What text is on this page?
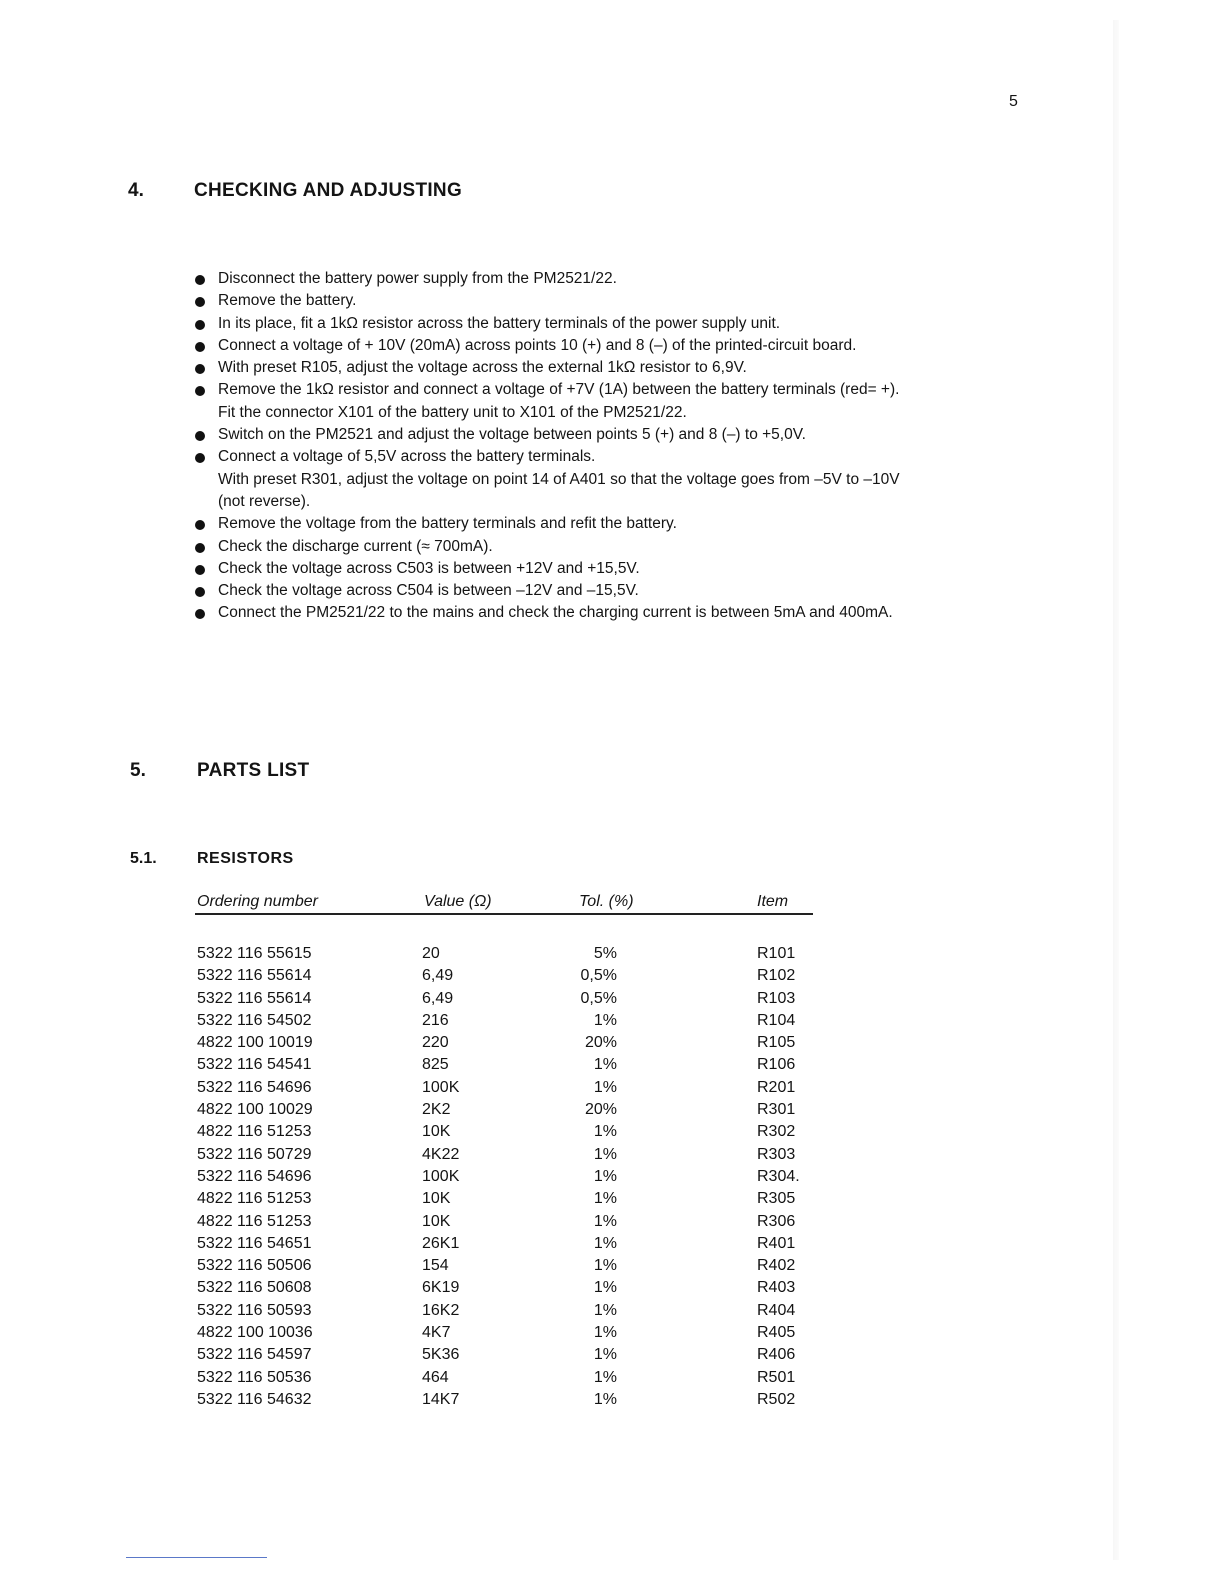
5
4.	CHECKING AND ADJUSTING
Disconnect the battery power supply from the PM2521/22.
Remove the battery.
In its place, fit a 1kΩ resistor across the battery terminals of the power supply unit.
Connect a voltage of + 10V (20mA) across points 10 (+) and 8 (–) of the printed-circuit board.
With preset R105, adjust the voltage across the external 1kΩ resistor to 6,9V.
Remove the 1kΩ resistor and connect a voltage of +7V (1A) between the battery terminals (red= +).
Fit the connector X101 of the battery unit to X101 of the PM2521/22.
Switch on the PM2521 and adjust the voltage between points 5 (+) and 8 (–) to +5,0V.
Connect a voltage of 5,5V across the battery terminals.
With preset R301, adjust the voltage on point 14 of A401 so that the voltage goes from –5V to –10V
(not reverse).
Remove the voltage from the battery terminals and refit the battery.
Check the discharge current (≈ 700mA).
Check the voltage across C503 is between +12V and +15,5V.
Check the voltage across C504 is between –12V and –15,5V.
Connect the PM2521/22 to the mains and check the charging current is between 5mA and 400mA.
5.	PARTS LIST
5.1.	RESISTORS
Ordering number	Value (Ω)	Tol. (%)	Item
5322 116 55615	20	5%	R101
5322 116 55614	6,49	0,5%	R102
5322 116 55614	6,49	0,5%	R103
5322 116 54502	216	1%	R104
4822 100 10019	220	20%	R105
5322 116 54541	825	1%	R106
5322 116 54696	100K	1%	R201
4822 100 10029	2K2	20%	R301
4822 116 51253	10K	1%	R302
5322 116 50729	4K22	1%	R303
5322 116 54696	100K	1%	R304.
4822 116 51253	10K	1%	R305
4822 116 51253	10K	1%	R306
5322 116 54651	26K1	1%	R401
5322 116 50506	154	1%	R402
5322 116 50608	6K19	1%	R403
5322 116 50593	16K2	1%	R404
4822 100 10036	4K7	1%	R405
5322 116 54597	5K36	1%	R406
5322 116 50536	464	1%	R501
5322 116 54632	14K7	1%	R502
